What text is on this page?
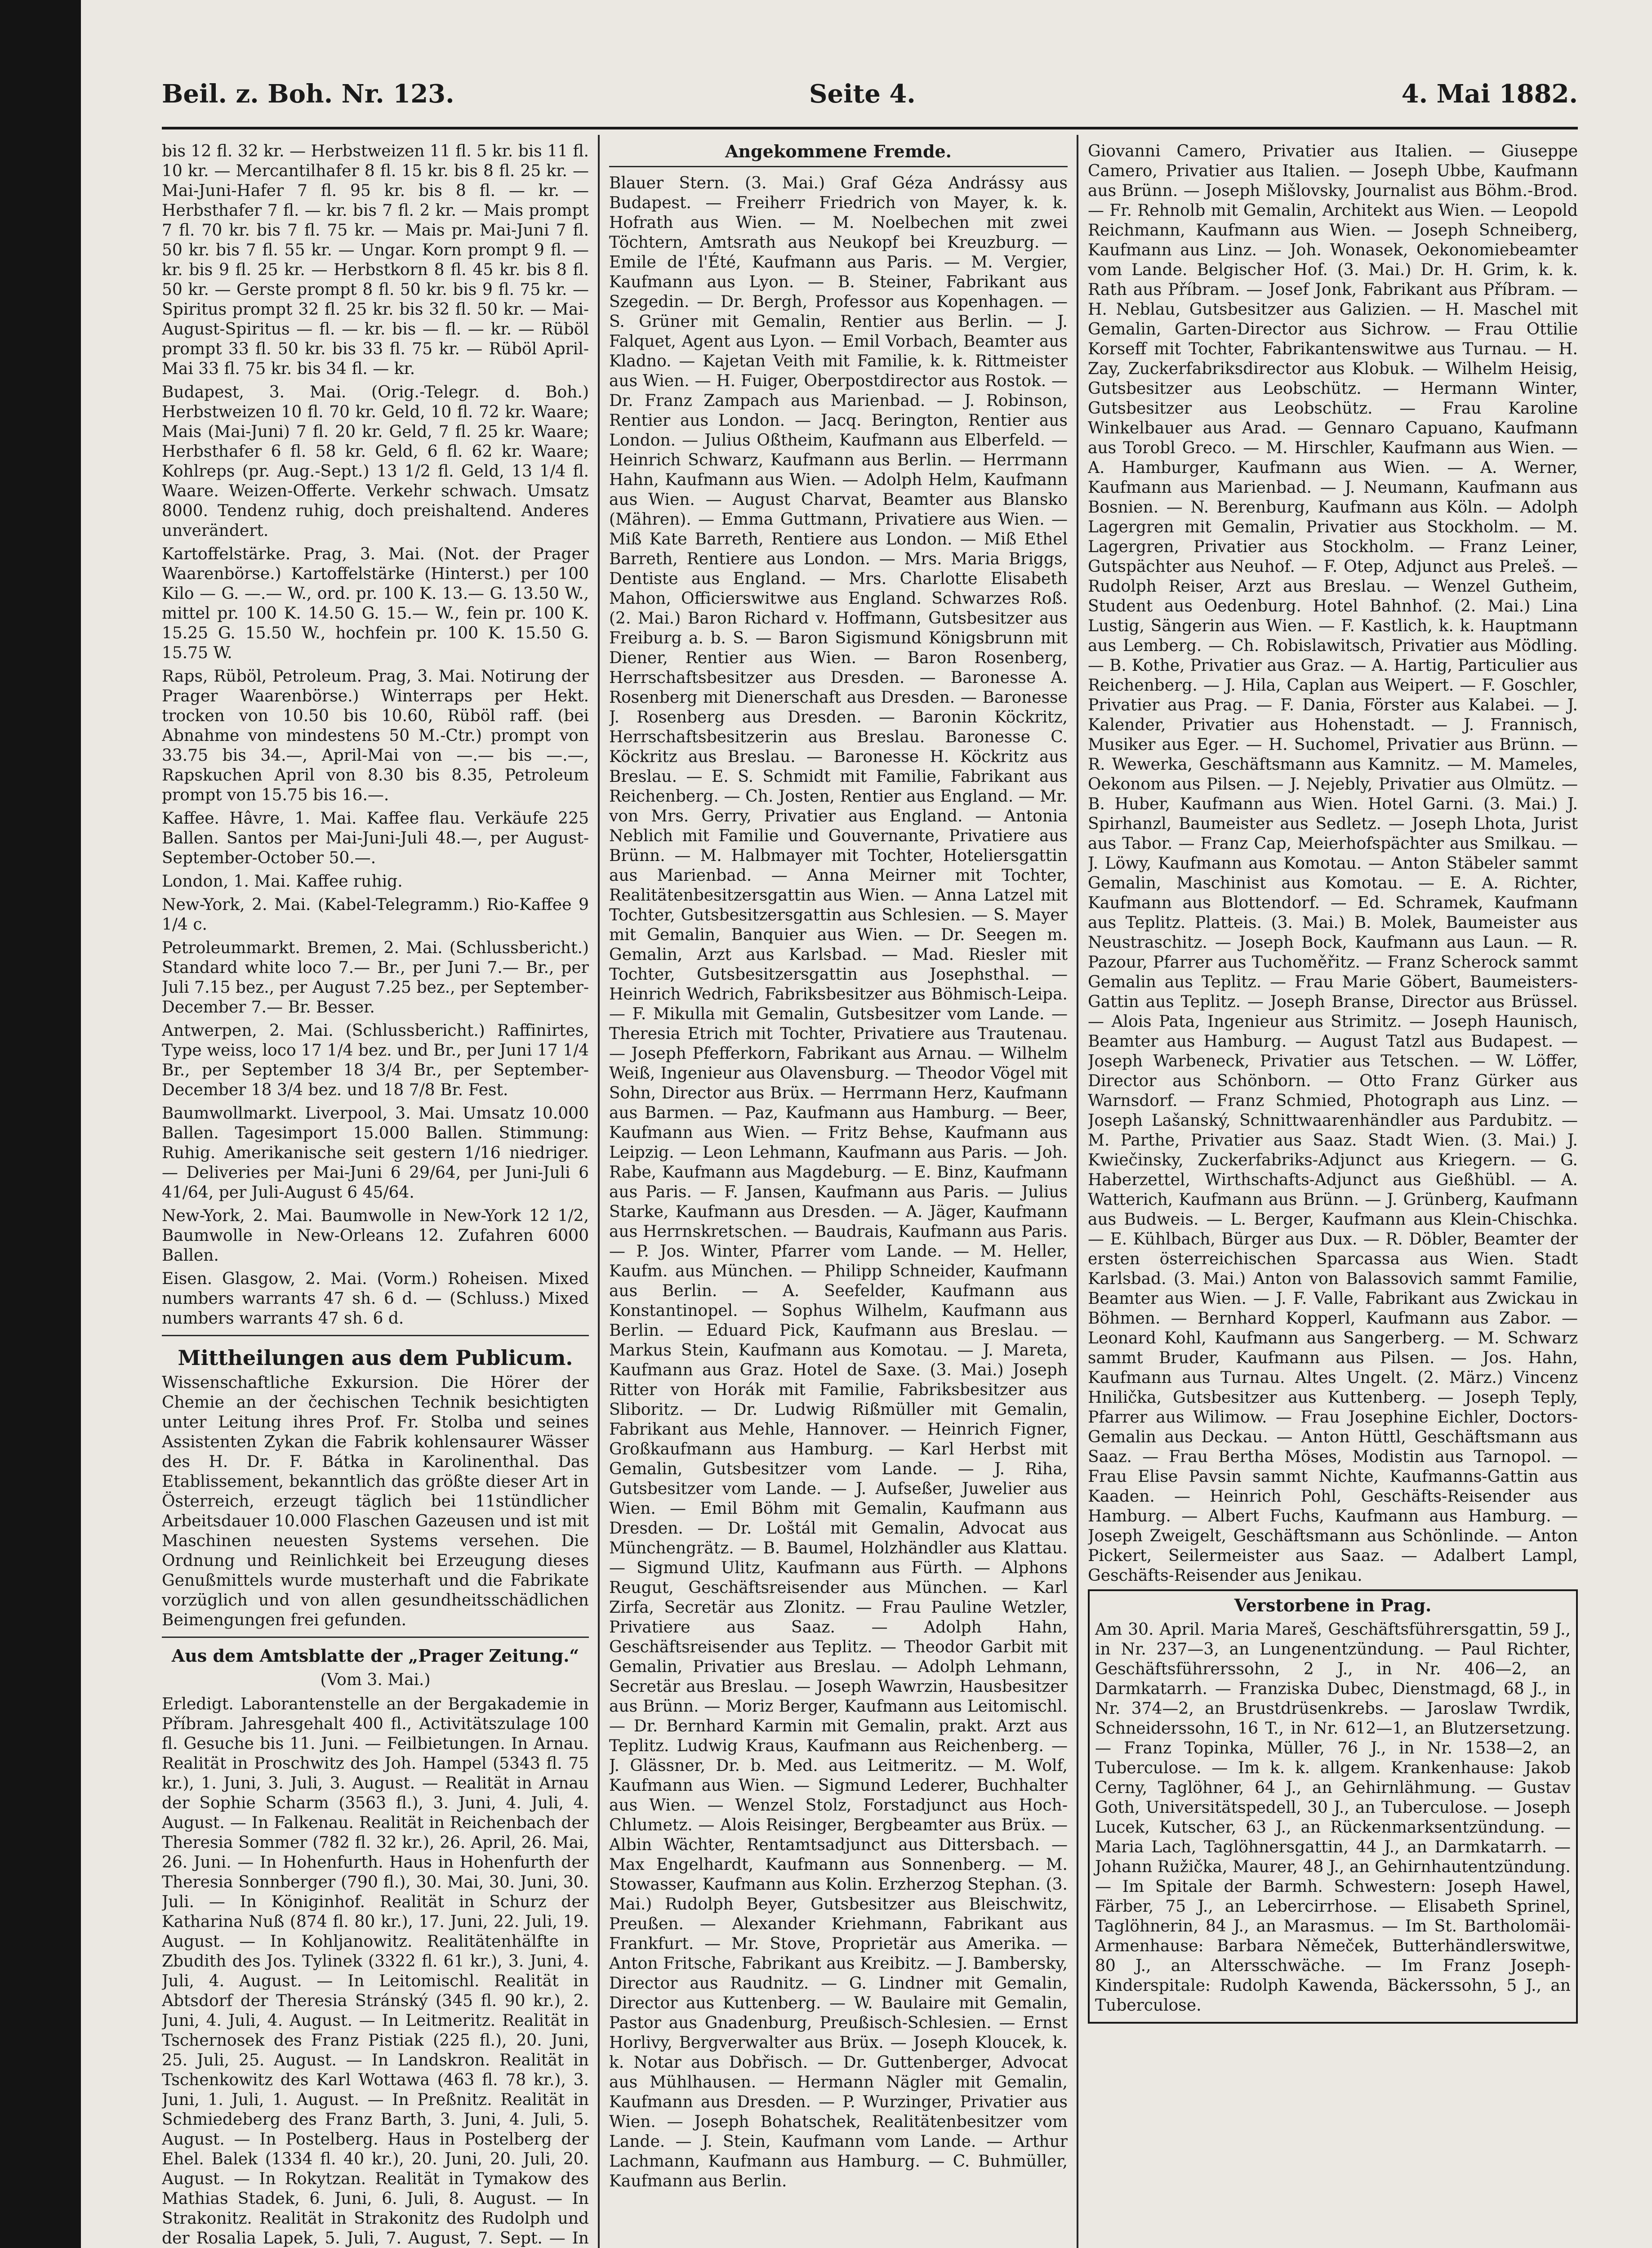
Beil. z. Boh. Nr. 123.	Seite 4.	4. Mai 1882.

bis 12 fl. 32 kr. — Herbstweizen 11 fl. 5 kr. bis 11 fl. 10 kr. — Mercantilhafer 8 fl. 15 kr. bis 8 fl. 25 kr. — Mai-Juni-Hafer 7 fl. 95 kr. bis 8 fl. — kr. — Herbsthafer 7 fl. — kr. bis 7 fl. 2 kr. — Mais prompt 7 fl. 70 kr. bis 7 fl. 75 kr. — Mais pr. Mai-Juni 7 fl. 50 kr. bis 7 fl. 55 kr. — Ungar. Korn prompt 9 fl. — kr. bis 9 fl. 25 kr. — Herbstkorn 8 fl. 45 kr. bis 8 fl. 50 kr. — Gerste prompt 8 fl. 50 kr. bis 9 fl. 75 kr. — Spiritus prompt 32 fl. 25 kr. bis 32 fl. 50 kr. — Mai-August-Spiritus — fl. — kr. bis — fl. — kr. — Rüböl prompt 33 fl. 50 kr. bis 33 fl. 75 kr. — Rüböl April-Mai 33 fl. 75 kr. bis 34 fl. — kr.

Budapest, 3. Mai. (Orig.-Telegr. d. Boh.) Herbstweizen 10 fl. 70 kr. Geld, 10 fl. 72 kr. Waare; Mais (Mai-Juni) 7 fl. 20 kr. Geld, 7 fl. 25 kr. Waare; Herbsthafer 6 fl. 58 kr. Geld, 6 fl. 62 kr. Waare; Kohlreps (pr. Aug.-Sept.) 13 1/2 fl. Geld, 13 1/4 fl. Waare. Weizen-Offerte. Verkehr schwach. Umsatz 8000. Tendenz ruhig, doch preishaltend. Anderes unverändert.

Kartoffelstärke. Prag, 3. Mai. (Not. der Prager Waarenbörse.) Kartoffelstärke (Hinterst.) per 100 Kilo — G. —.— W., ord. pr. 100 K. 13.— G. 13.50 W., mittel pr. 100 K. 14.50 G. 15.— W., fein pr. 100 K. 15.25 G. 15.50 W., hochfein pr. 100 K. 15.50 G. 15.75 W.

Raps, Rüböl, Petroleum. Prag, 3. Mai. Notirung der Prager Waarenbörse.) Winterraps per Hekt. trocken von 10.50 bis 10.60, Rüböl raff. (bei Abnahme von mindestens 50 M.-Ctr.) prompt von 33.75 bis 34.—, April-Mai von —.— bis —.—, Rapskuchen April von 8.30 bis 8.35, Petroleum prompt von 15.75 bis 16.—.

Kaffee. Hâvre, 1. Mai. Kaffee flau. Verkäufe 225 Ballen. Santos per Mai-Juni-Juli 48.—, per August-September-October 50.—.

London, 1. Mai. Kaffee ruhig.

New-York, 2. Mai. (Kabel-Telegramm.) Rio-Kaffee 9 1/4 c.

Petroleummarkt. Bremen, 2. Mai. (Schlussbericht.) Standard white loco 7.— Br., per Juni 7.— Br., per Juli 7.15 bez., per August 7.25 bez., per September-December 7.— Br. Besser.

Antwerpen, 2. Mai. (Schlussbericht.) Raffinirtes, Type weiss, loco 17 1/4 bez. und Br., per Juni 17 1/4 Br., per September 18 3/4 Br., per September-December 18 3/4 bez. und 18 7/8 Br. Fest.

Baumwollmarkt. Liverpool, 3. Mai. Umsatz 10.000 Ballen. Tagesimport 15.000 Ballen. Stimmung: Ruhig. Amerikanische seit gestern 1/16 niedriger. — Deliveries per Mai-Juni 6 29/64, per Juni-Juli 6 41/64, per Juli-August 6 45/64.

New-York, 2. Mai. Baumwolle in New-York 12 1/2, Baumwolle in New-Orleans 12. Zufahren 6000 Ballen.

Eisen. Glasgow, 2. Mai. (Vorm.) Roheisen. Mixed numbers warrants 47 sh. 6 d. — (Schluss.) Mixed numbers warrants 47 sh. 6 d.

Mittheilungen aus dem Publicum.

Wissenschaftliche Exkursion. Die Hörer der Chemie an der čechischen Technik besichtigten unter Leitung ihres Prof. Fr. Stolba und seines Assistenten Zykan die Fabrik kohlensaurer Wässer des H. Dr. F. Bátka in Karolinenthal. Das Etablissement, bekanntlich das größte dieser Art in Österreich, erzeugt täglich bei 11stündlicher Arbeitsdauer 10.000 Flaschen Gazeusen und ist mit Maschinen neuesten Systems versehen. Die Ordnung und Reinlichkeit bei Erzeugung dieses Genußmittels wurde musterhaft und die Fabrikate vorzüglich und von allen gesundheitsschädlichen Beimengungen frei gefunden.

Aus dem Amtsblatte der „Prager Zeitung.“
(Vom 3. Mai.)

Erledigt. Laborantenstelle an der Bergakademie in Příbram. Jahresgehalt 400 fl., Activitätszulage 100 fl. Gesuche bis 11. Juni. — Feilbietungen. In Arnau. Realität in Proschwitz des Joh. Hampel (5343 fl. 75 kr.), 1. Juni, 3. Juli, 3. August. — Realität in Arnau der Sophie Scharm (3563 fl.), 3. Juni, 4. Juli, 4. August. — In Falkenau. Realität in Reichenbach der Theresia Sommer (782 fl. 32 kr.), 26. April, 26. Mai, 26. Juni. — In Hohenfurth. Haus in Hohenfurth der Theresia Sonnberger (790 fl.), 30. Mai, 30. Juni, 30. Juli. — In Königinhof. Realität in Schurz der Katharina Nuß (874 fl. 80 kr.), 17. Juni, 22. Juli, 19. August. — In Kohljanowitz. Realitätenhälfte in Zbudith des Jos. Tylinek (3322 fl. 61 kr.), 3. Juni, 4. Juli, 4. August. — In Leitomischl. Realität in Abtsdorf der Theresia Stránský (345 fl. 90 kr.), 2. Juni, 4. Juli, 4. August. — In Leitmeritz. Realität in Tschernosek des Franz Pistiak (225 fl.), 20. Juni, 25. Juli, 25. August. — In Landskron. Realität in Tschenkowitz des Karl Wottawa (463 fl. 78 kr.), 3. Juni, 1. Juli, 1. August. — In Preßnitz. Realität in Schmiedeberg des Franz Barth, 3. Juni, 4. Juli, 5. August. — In Postelberg. Haus in Postelberg der Ehel. Balek (1334 fl. 40 kr.), 20. Juni, 20. Juli, 20. August. — In Rokytzan. Realität in Tymakow des Mathias Stadek, 6. Juni, 6. Juli, 8. August. — In Strakonitz. Realität in Strakonitz des Rudolph und der Rosalia Lapek, 5. Juli, 7. August, 7. Sept. — In

Angekommene Fremde.

Blauer Stern. (3. Mai.) Graf Géza Andrássy aus Budapest. — Freiherr Friedrich von Mayer, k. k. Hofrath aus Wien. — M. Noelbechen mit zwei Töchtern, Amtsrath aus Neukopf bei Kreuzburg. — Emile de l'Été, Kaufmann aus Paris. — M. Vergier, Kaufmann aus Lyon. — B. Steiner, Fabrikant aus Szegedin. — Dr. Bergh, Professor aus Kopenhagen. — S. Grüner mit Gemalin, Rentier aus Berlin. — J. Falquet, Agent aus Lyon. — Emil Vorbach, Beamter aus Kladno. — Kajetan Veith mit Familie, k. k. Rittmeister aus Wien. — H. Fuiger, Oberpostdirector aus Rostok. — Dr. Franz Zampach aus Marienbad. — J. Robinson, Rentier aus London. — Jacq. Berington, Rentier aus London. — Julius Oßtheim, Kaufmann aus Elberfeld. — Heinrich Schwarz, Kaufmann aus Berlin. — Herrmann Hahn, Kaufmann aus Wien. — Adolph Helm, Kaufmann aus Wien. — August Charvat, Beamter aus Blansko (Mähren). — Emma Guttmann, Privatiere aus Wien. — Miß Kate Barreth, Rentiere aus London. — Miß Ethel Barreth, Rentiere aus London. — Mrs. Maria Briggs, Dentiste aus England. — Mrs. Charlotte Elisabeth Mahon, Officierswitwe aus England. Schwarzes Roß. (2. Mai.) Baron Richard v. Hoffmann, Gutsbesitzer aus Freiburg a. b. S. — Baron Sigismund Königsbrunn mit Diener, Rentier aus Wien. — Baron Rosenberg, Herrschaftsbesitzer aus Dresden. — Baronesse A. Rosenberg mit Dienerschaft aus Dresden. — Baronesse J. Rosenberg aus Dresden. — Baronin Köckritz, Herrschaftsbesitzerin aus Breslau. Baronesse C. Köckritz aus Breslau. — Baronesse H. Köckritz aus Breslau. — E. S. Schmidt mit Familie, Fabrikant aus Reichenberg. — Ch. Josten, Rentier aus England. — Mr. von Mrs. Gerry, Privatier aus England. — Antonia Neblich mit Familie und Gouvernante, Privatiere aus Brünn. — M. Halbmayer mit Tochter, Hoteliersgattin aus Marienbad. — Anna Meirner mit Tochter, Realitätenbesitzersgattin aus Wien. — Anna Latzel mit Tochter, Gutsbesitzersgattin aus Schlesien. — S. Mayer mit Gemalin, Banquier aus Wien. — Dr. Seegen m. Gemalin, Arzt aus Karlsbad. — Mad. Riesler mit Tochter, Gutsbesitzersgattin aus Josephsthal. — Heinrich Wedrich, Fabriksbesitzer aus Böhmisch-Leipa. — F. Mikulla mit Gemalin, Gutsbesitzer vom Lande. — Theresia Etrich mit Tochter, Privatiere aus Trautenau. — Joseph Pfefferkorn, Fabrikant aus Arnau. — Wilhelm Weiß, Ingenieur aus Olavensburg. — Theodor Vögel mit Sohn, Director aus Brüx. — Herrmann Herz, Kaufmann aus Barmen. — Paz, Kaufmann aus Hamburg. — Beer, Kaufmann aus Wien. — Fritz Behse, Kaufmann aus Leipzig. — Leon Lehmann, Kaufmann aus Paris. — Joh. Rabe, Kaufmann aus Magdeburg. — E. Binz, Kaufmann aus Paris. — F. Jansen, Kaufmann aus Paris. — Julius Starke, Kaufmann aus Dresden. — A. Jäger, Kaufmann aus Herrnskretschen. — Baudrais, Kaufmann aus Paris. — P. Jos. Winter, Pfarrer vom Lande. — M. Heller, Kaufm. aus München. — Philipp Schneider, Kaufmann aus Berlin. — A. Seefelder, Kaufmann aus Konstantinopel. — Sophus Wilhelm, Kaufmann aus Berlin. — Eduard Pick, Kaufmann aus Breslau. — Markus Stein, Kaufmann aus Komotau. — J. Mareta, Kaufmann aus Graz. Hotel de Saxe. (3. Mai.) Joseph Ritter von Horák mit Familie, Fabriksbesitzer aus Sliboritz. — Dr. Ludwig Rißmüller mit Gemalin, Fabrikant aus Mehle, Hannover. — Heinrich Figner, Großkaufmann aus Hamburg. — Karl Herbst mit Gemalin, Gutsbesitzer vom Lande. — J. Riha, Gutsbesitzer vom Lande. — J. Aufseßer, Juwelier aus Wien. — Emil Böhm mit Gemalin, Kaufmann aus Dresden. — Dr. Loštál mit Gemalin, Advocat aus Münchengrätz. — B. Baumel, Holzhändler aus Klattau. — Sigmund Ulitz, Kaufmann aus Fürth. — Alphons Reugut, Geschäftsreisender aus München. — Karl Zirfa, Secretär aus Zlonitz. — Frau Pauline Wetzler, Privatiere aus Saaz. — Adolph Hahn, Geschäftsreisender aus Teplitz. — Theodor Garbit mit Gemalin, Privatier aus Breslau. — Adolph Lehmann, Secretär aus Breslau. — Joseph Wawrzin, Hausbesitzer aus Brünn. — Moriz Berger, Kaufmann aus Leitomischl. — Dr. Bernhard Karmin mit Gemalin, prakt. Arzt aus Teplitz. Ludwig Kraus, Kaufmann aus Reichenberg. — J. Glässner, Dr. b. Med. aus Leitmeritz. — M. Wolf, Kaufmann aus Wien. — Sigmund Lederer, Buchhalter aus Wien. — Wenzel Stolz, Forstadjunct aus Hoch-Chlumetz. — Alois Reisinger, Bergbeamter aus Brüx. — Albin Wächter, Rentamtsadjunct aus Dittersbach. — Max Engelhardt, Kaufmann aus Sonnenberg. — M. Stowasser, Kaufmann aus Kolin. Erzherzog Stephan. (3. Mai.) Rudolph Beyer, Gutsbesitzer aus Bleischwitz, Preußen. — Alexander Kriehmann, Fabrikant aus Frankfurt. — Mr. Stove, Proprietär aus Amerika. — Anton Fritsche, Fabrikant aus Kreibitz. — J. Bambersky, Director aus Raudnitz. — G. Lindner mit Gemalin, Director aus Kuttenberg. — W. Baulaire mit Gemalin, Pastor aus Gnadenburg, Preußisch-Schlesien. — Ernst Horlivy, Bergverwalter aus Brüx. — Joseph Kloucek, k. k. Notar aus Dobřisch. — Dr. Guttenberger, Advocat aus Mühlhausen. — Hermann Nägler mit Gemalin, Kaufmann aus Dresden. — P. Wurzinger, Privatier aus Wien. — Joseph Bohatschek, Realitätenbesitzer vom Lande. — J. Stein, Kaufmann vom Lande. — Arthur Lachmann, Kaufmann aus Hamburg. — C. Buhmüller, Kaufmann aus Berlin.

Giovanni Camero, Privatier aus Italien. — Giuseppe Camero, Privatier aus Italien. — Joseph Ubbe, Kaufmann aus Brünn. — Joseph Mišlovsky, Journalist aus Böhm.-Brod. — Fr. Rehnolb mit Gemalin, Architekt aus Wien. — Leopold Reichmann, Kaufmann aus Wien. — Joseph Schneiberg, Kaufmann aus Linz. — Joh. Wonasek, Oekonomiebeamter vom Lande. Belgischer Hof. (3. Mai.) Dr. H. Grim, k. k. Rath aus Příbram. — Josef Jonk, Fabrikant aus Příbram. — H. Neblau, Gutsbesitzer aus Galizien. — H. Maschel mit Gemalin, Garten-Director aus Sichrow. — Frau Ottilie Korseff mit Tochter, Fabrikantenswitwe aus Turnau. — H. Zay, Zuckerfabriksdirector aus Klobuk. — Wilhelm Heisig, Gutsbesitzer aus Leobschütz. — Hermann Winter, Gutsbesitzer aus Leobschütz. — Frau Karoline Winkelbauer aus Arad. — Gennaro Capuano, Kaufmann aus Torobl Greco. — M. Hirschler, Kaufmann aus Wien. — A. Hamburger, Kaufmann aus Wien. — A. Werner, Kaufmann aus Marienbad. — J. Neumann, Kaufmann aus Bosnien. — N. Berenburg, Kaufmann aus Köln. — Adolph Lagergren mit Gemalin, Privatier aus Stockholm. — M. Lagergren, Privatier aus Stockholm. — Franz Leiner, Gutspächter aus Neuhof. — F. Otep, Adjunct aus Preleš. — Rudolph Reiser, Arzt aus Breslau. — Wenzel Gutheim, Student aus Oedenburg. Hotel Bahnhof. (2. Mai.) Lina Lustig, Sängerin aus Wien. — F. Kastlich, k. k. Hauptmann aus Lemberg. — Ch. Robislawitsch, Privatier aus Mödling. — B. Kothe, Privatier aus Graz. — A. Hartig, Particulier aus Reichenberg. — J. Hila, Caplan aus Weipert. — F. Goschler, Privatier aus Prag. — F. Dania, Förster aus Kalabei. — J. Kalender, Privatier aus Hohenstadt. — J. Frannisch, Musiker aus Eger. — H. Suchomel, Privatier aus Brünn. — R. Wewerka, Geschäftsmann aus Kamnitz. — M. Mameles, Oekonom aus Pilsen. — J. Nejebly, Privatier aus Olmütz. — B. Huber, Kaufmann aus Wien. Hotel Garni. (3. Mai.) J. Spirhanzl, Baumeister aus Sedletz. — Joseph Lhota, Jurist aus Tabor. — Franz Cap, Meierhofspächter aus Smilkau. — J. Löwy, Kaufmann aus Komotau. — Anton Stäbeler sammt Gemalin, Maschinist aus Komotau. — E. A. Richter, Kaufmann aus Blottendorf. — Ed. Schramek, Kaufmann aus Teplitz. Platteis. (3. Mai.) B. Molek, Baumeister aus Neustraschitz. — Joseph Bock, Kaufmann aus Laun. — R. Pazour, Pfarrer aus Tuchoměřitz. — Franz Scherock sammt Gemalin aus Teplitz. — Frau Marie Göbert, Baumeisters-Gattin aus Teplitz. — Joseph Branse, Director aus Brüssel. — Alois Pata, Ingenieur aus Strimitz. — Joseph Haunisch, Beamter aus Hamburg. — August Tatzl aus Budapest. — Joseph Warbeneck, Privatier aus Tetschen. — W. Löffer, Director aus Schönborn. — Otto Franz Gürker aus Warnsdorf. — Franz Schmied, Photograph aus Linz. — Joseph Lašanský, Schnittwaarenhändler aus Pardubitz. — M. Parthe, Privatier aus Saaz. Stadt Wien. (3. Mai.) J. Kwiečinsky, Zuckerfabriks-Adjunct aus Kriegern. — G. Haberzettel, Wirthschafts-Adjunct aus Gießhübl. — A. Watterich, Kaufmann aus Brünn. — J. Grünberg, Kaufmann aus Budweis. — L. Berger, Kaufmann aus Klein-Chischka. — E. Kühlbach, Bürger aus Dux. — R. Döbler, Beamter der ersten österreichischen Sparcassa aus Wien. Stadt Karlsbad. (3. Mai.) Anton von Balassovich sammt Familie, Beamter aus Wien. — J. F. Valle, Fabrikant aus Zwickau in Böhmen. — Bernhard Kopperl, Kaufmann aus Zabor. — Leonard Kohl, Kaufmann aus Sangerberg. — M. Schwarz sammt Bruder, Kaufmann aus Pilsen. — Jos. Hahn, Kaufmann aus Turnau. Altes Ungelt. (2. März.) Vincenz Hnilička, Gutsbesitzer aus Kuttenberg. — Joseph Teply, Pfarrer aus Wilimow. — Frau Josephine Eichler, Doctors-Gemalin aus Deckau. — Anton Hüttl, Geschäftsmann aus Saaz. — Frau Bertha Möses, Modistin aus Tarnopol. — Frau Elise Pavsin sammt Nichte, Kaufmanns-Gattin aus Kaaden. — Heinrich Pohl, Geschäfts-Reisender aus Hamburg. — Albert Fuchs, Kaufmann aus Hamburg. — Joseph Zweigelt, Geschäftsmann aus Schönlinde. — Anton Pickert, Seilermeister aus Saaz. — Adalbert Lampl, Geschäfts-Reisender aus Jenikau.

Verstorbene in Prag.

Am 30. April. Maria Mareš, Geschäftsführersgattin, 59 J., in Nr. 237—3, an Lungenentzündung. — Paul Richter, Geschäftsführerssohn, 2 J., in Nr. 406—2, an Darmkatarrh. — Franziska Dubec, Dienstmagd, 68 J., in Nr. 374—2, an Brustdrüsenkrebs. — Jaroslaw Twrdik, Schneiderssohn, 16 T., in Nr. 612—1, an Blutzersetzung. — Franz Topinka, Müller, 76 J., in Nr. 1538—2, an Tuberculose. — Im k. k. allgem. Krankenhause: Jakob Cerny, Taglöhner, 64 J., an Gehirnlähmung. — Gustav Goth, Universitätspedell, 30 J., an Tuberculose. — Joseph Lucek, Kutscher, 63 J., an Rückenmarksentzündung. — Maria Lach, Taglöhnersgattin, 44 J., an Darmkatarrh. — Johann Ružička, Maurer, 48 J., an Gehirnhautentzündung. — Im Spitale der Barmh. Schwestern: Joseph Hawel, Färber, 75 J., an Lebercirrhose. — Elisabeth Sprinel, Taglöhnerin, 84 J., an Marasmus. — Im St. Bartholomäi-Armenhause: Barbara Němeček, Butterhändlerswitwe, 80 J., an Altersschwäche. — Im Franz Joseph-Kinderspitale: Rudolph Kawenda, Bäckerssohn, 5 J., an Tuberculose.
